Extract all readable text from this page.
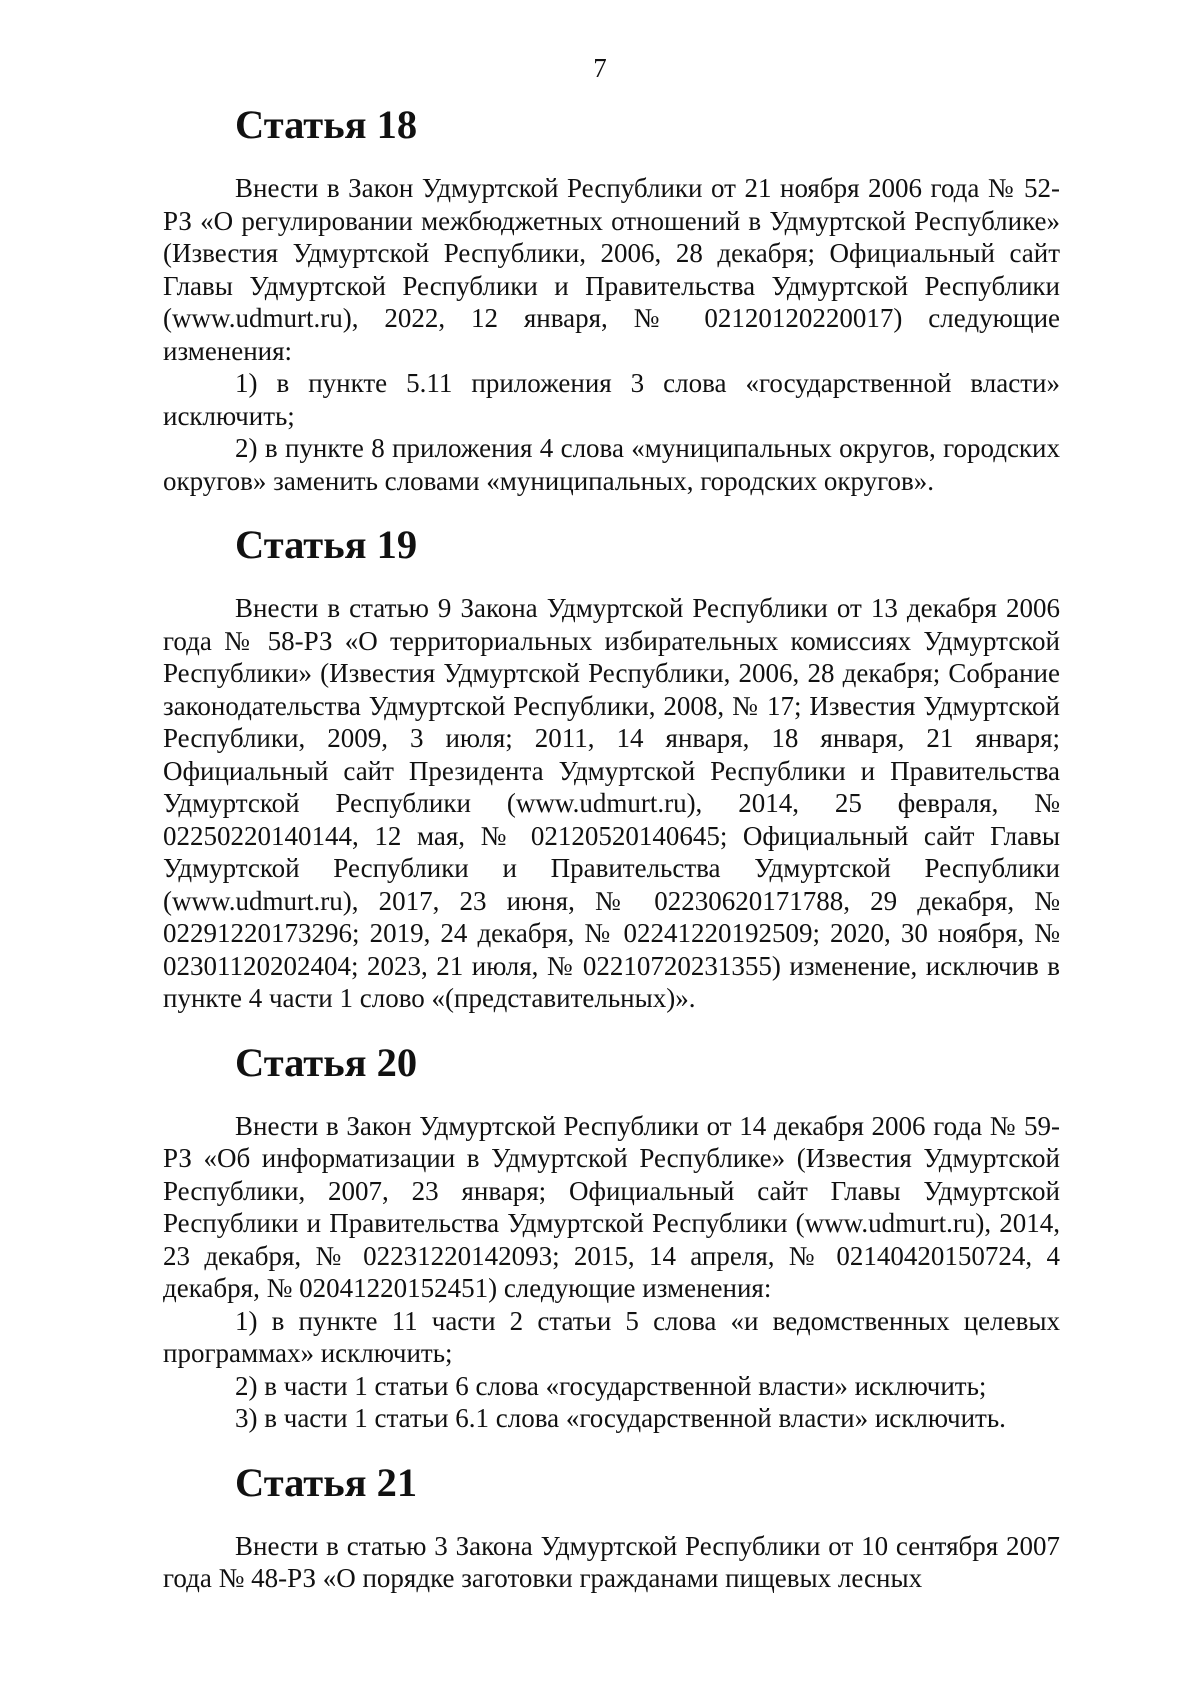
7
Статья 18

Внести в Закон Удмуртской Республики от 21 ноября 2006 года № 52-РЗ «О регулировании межбюджетных отношений в Удмуртской Республике» (Известия Удмуртской Республики, 2006, 28 декабря; Официальный сайт Главы Удмуртской Республики и Правительства Удмуртской Республики (www.udmurt.ru), 2022, 12 января, № 02120120220017) следующие изменения:

1) в пункте 5.11 приложения 3 слова «государственной власти» исключить;

2) в пункте 8 приложения 4 слова «муниципальных округов, городских округов» заменить словами «муниципальных, городских округов».

Статья 19

Внести в статью 9 Закона Удмуртской Республики от 13 декабря 2006 года № 58-РЗ «О территориальных избирательных комиссиях Удмуртской Республики» (Известия Удмуртской Республики, 2006, 28 декабря; Собрание законодательства Удмуртской Республики, 2008, № 17; Известия Удмуртской Республики, 2009, 3 июля; 2011, 14 января, 18 января, 21 января; Официальный сайт Президента Удмуртской Республики и Правительства Удмуртской Республики (www.udmurt.ru), 2014, 25 февраля, № 02250220140144, 12 мая, № 02120520140645; Официальный сайт Главы Удмуртской Республики и Правительства Удмуртской Республики (www.udmurt.ru), 2017, 23 июня, № 02230620171788, 29 декабря, № 02291220173296; 2019, 24 декабря, № 02241220192509; 2020, 30 ноября, № 02301120202404; 2023, 21 июля, № 02210720231355) изменение, исключив в пункте 4 части 1 слово «(представительных)».

Статья 20

Внести в Закон Удмуртской Республики от 14 декабря 2006 года № 59-РЗ «Об информатизации в Удмуртской Республике» (Известия Удмуртской Республики, 2007, 23 января; Официальный сайт Главы Удмуртской Республики и Правительства Удмуртской Республики (www.udmurt.ru), 2014, 23 декабря, № 02231220142093; 2015, 14 апреля, № 02140420150724, 4 декабря, № 02041220152451) следующие изменения:

1) в пункте 11 части 2 статьи 5 слова «и ведомственных целевых программах» исключить;

2) в части 1 статьи 6 слова «государственной власти» исключить;

3) в части 1 статьи 6.1 слова «государственной власти» исключить.

Статья 21

Внести в статью 3 Закона Удмуртской Республики от 10 сентября 2007 года № 48-РЗ «О порядке заготовки гражданами пищевых лесных
